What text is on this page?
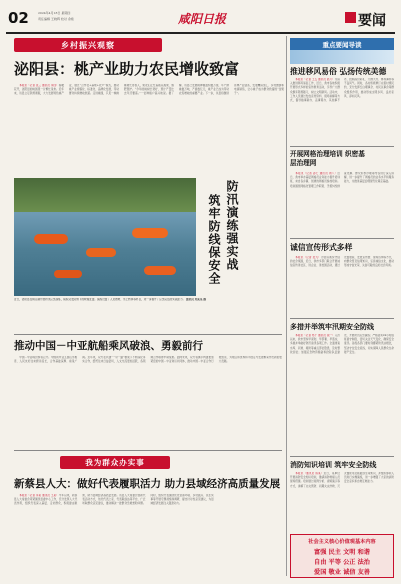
02	2024年4月18日 星期四
责任编辑 王晓辉 校对 余艳	咸阳日报	要闻
乡村振兴观察
泌阳县：桃产业助力农民增收致富

本报讯（记者 张三 通讯员 李四）春暖花开，泌阳县的桃园里一片繁忙景象。近年来，该县立足资源禀赋，大力发展特色桃产业，通过“合作社+基地+农户”模式，推动桃产业规模化、标准化、品牌化发展，带动群众持续增收致富。走进桃园，只见一株株桃树长势喜人，果农们正忙着疏花疏果、施肥管护。“今年的桃树长势好，预计产量比去年还要高。”一位种植户高兴地说。据了解，该县已发展桃种植面积数万亩，年产鲜桃数万吨，产值数亿元，桃产业已成为带动农民增收的重要产业。下一步，该县将继续延伸产业链条，发展精深加工、乡村旅游和电商销售，让小桃子成为群众致富的“金果子”。

防汛演练强实战
筑牢防线保安全
近日，泌阳县在铜山湖开展防汛应急演练，模拟突发险情下的救援处置。演练设置了人员搜救、水上转移等科目，进一步提升了应急队伍的实战能力。 通讯员 刘某某 摄
推动中国－中亚航船乘风破浪、勇毅前行

中国－中亚峰会即将召开。中国同中亚五国山水相连、人民友好往来源远流长，合作基础深厚、前景广阔。近年来，双方在共建“一带一路”框架下不断深化务实合作，经贸往来日益密切，人文交流更加活跃，各领域合作取得丰硕成果。面向未来，双方将携手构建更加紧密的中国－中亚命运共同体，推动中国－中亚合作行稳致远，为地区和世界和平稳定与发展繁荣作出新的更大贡献。

我为群众办实事
新蔡县人大：做好代表履职活力 助力县域经济高质量发展

本报讯（记者 李某 通讯员 王某）今年以来，新蔡县人大常委会紧紧围绕县委中心工作，充分发挥人大代表作用，组织代表深入基层、走访群众，积极建言献策，助力县域经济高质量发展。该县人大常委会创新代表活动方式，依托代表之家、代表联络站等平台，广泛听取群众意见建议，推动解决一批群众急难愁盼问题。同时，组织代表围绕优化营商环境、乡村振兴、民生实事等开展专题视察和调研，提出针对性意见建议，为县域经济发展注入强劲动力。

重点要闻导读
推进移风易俗 弘扬传统美德

本报讯（记者 王五 通讯员 赵六）为深入推进移风易俗工作，近日，我市各地积极开展形式多样的宣传教育活动，引导广大群众摒弃陈规陋习，树立文明新风。活动中，工作人员通过发放宣传资料、现场讲解等方式，倡导婚事新办、丧事简办、其他事不办，抵制高价彩礼、大操大办、厚葬薄养等不良风气。同时，各村积极修订完善村规民约，充分发挥红白理事会、村民议事会等群众组织作用，推动形成文明乡风、良好家风、淳朴民风。

开展网格治理培训 织密基层治理网

本报讯（记者 孙七 通讯员 周八）近日，我市举办基层网格员业务能力提升培训班，来自各乡镇、街道的网格员参加培训。培训围绕网格化管理工作职责、矛盾纠纷排查化解、群众诉求办理等内容进行深入讲解，进一步提升了网格员的业务水平和服务能力，为推进基层治理现代化奠定基础。

诚信宣传形式多样

本报讯（记者 吴九）为营造诚实守信的社会氛围，近日，我市多部门联合开展诚信宣传进社区、进企业、进校园活动，通过设置展板、发放宣传册、现场咨询等方式，向群众普及信用知识，弘扬诚信文化，推动形成守信光荣、失信可耻的良好社会风尚。

多措并举筑牢汛期安全防线

本报讯（记者 郑十 通讯员 钱一）入汛以来，我市坚持早谋划、早部署、早落实，多措并举做好防汛备汛各项工作。全面排查水库、河道、堤防等重点部位隐患，及时整改到位；加强应急物资储备和抢险队伍建设，开展防汛应急演练；严格落实24小时值班值守制度，密切关注天气变化，确保安全度汛。各级各部门要时刻绷紧防汛这根弦，坚决守住安全底线，切实保障人民群众生命财产安全。

消防知识培训 筑牢安全防线

本报讯（通讯员 陈某）近日，某单位开展消防安全知识培训，邀请消防救援人员现场授课。培训通过案例分析、视频演示等方式，讲解了火灾预防、初期火灾扑救、灭火器使用及疏散逃生等知识，并组织参训人员进行实操演练，进一步增强了大家的消防安全意识和自救互救能力。

社会主义核心价值观基本内容
富强 民主 文明 和谐
自由 平等 公正 法治
爱国 敬业 诚信 友善
